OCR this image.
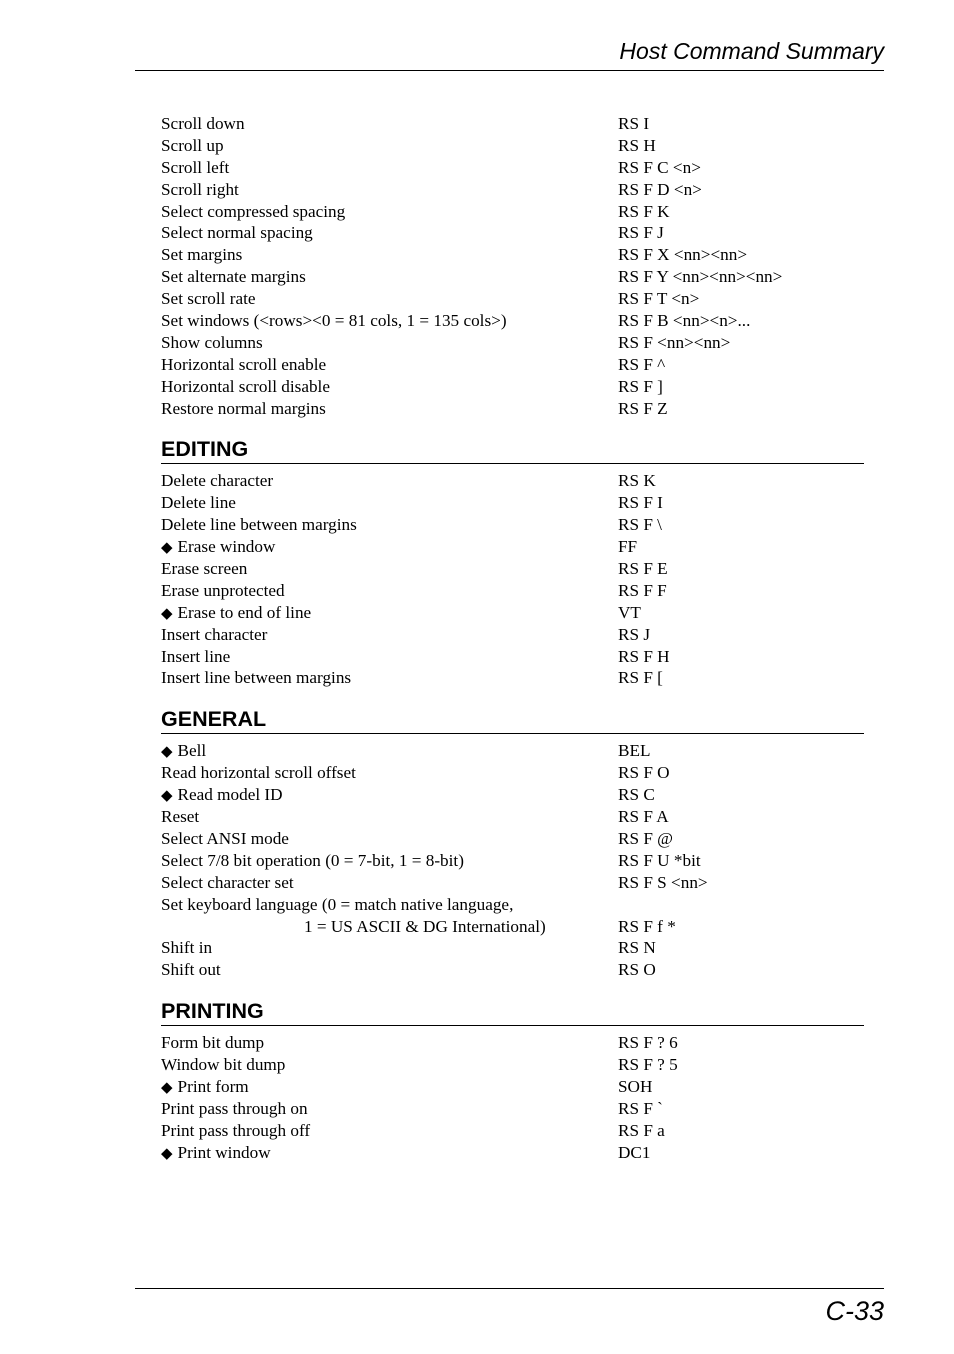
Host Command Summary
Scroll down	RS I
Scroll up	RS H
Scroll left	RS F C <n>
Scroll right	RS F D <n>
Select compressed spacing	RS F K
Select normal spacing	RS F J
Set margins	RS F X <nn><nn>
Set alternate margins	RS F Y <nn><nn><nn>
Set scroll rate	RS F T <n>
Set windows (<rows><0 = 81 cols, 1 = 135 cols>)	RS F B <nn><n>...
Show columns	RS F <nn><nn>
Horizontal scroll enable	RS F ^
Horizontal scroll disable	RS F ]
Restore normal margins	RS F Z
EDITING
Delete character	RS K
Delete line	RS F I
Delete line between margins	RS F \
◆ Erase window	FF
Erase screen	RS F E
Erase unprotected	RS F F
◆ Erase to end of line	VT
Insert character	RS J
Insert line	RS F H
Insert line between margins	RS F [
GENERAL
◆ Bell	BEL
Read horizontal scroll offset	RS F O
◆ Read model ID	RS C
Reset	RS F A
Select ANSI mode	RS F @
Select 7/8 bit operation (0 = 7-bit, 1 = 8-bit)	RS F U *bit
Select character set	RS F S <nn>
Set keyboard language (0 = match native language,
1 = US ASCII & DG International)	RS F f *
Shift in	RS N
Shift out	RS O
PRINTING
Form bit dump	RS F ? 6
Window bit dump	RS F ? 5
◆ Print form	SOH
Print pass through on	RS F `
Print pass through off	RS F a
◆ Print window	DC1
C-33
